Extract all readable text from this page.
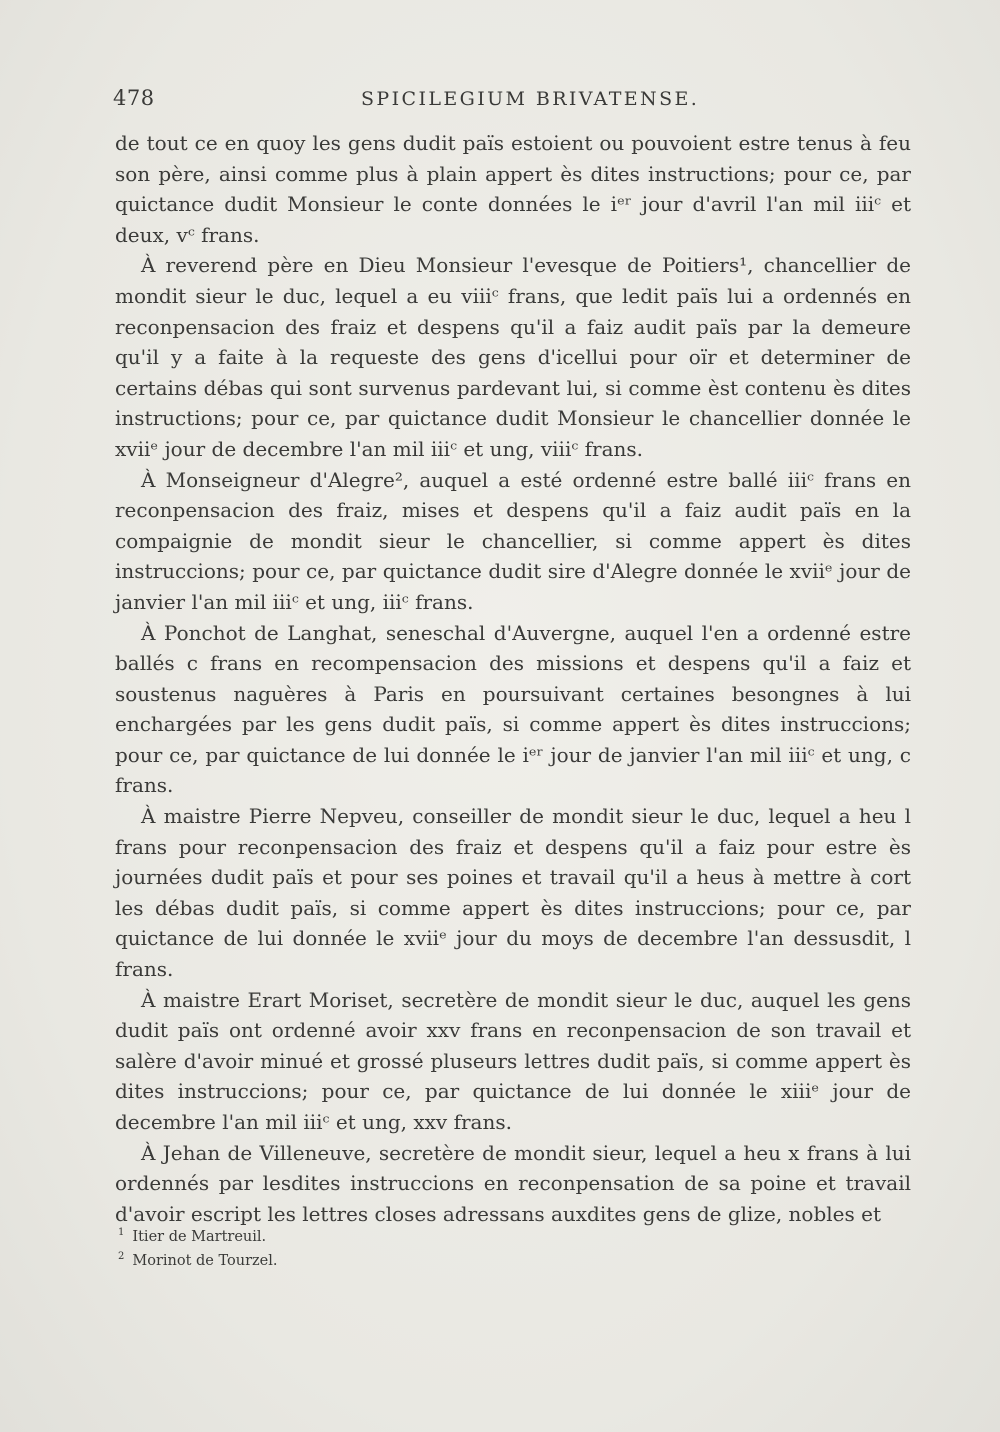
478	SPICILEGIUM BRIVATENSE.

de tout ce en quoy les gens dudit païs estoient ou pouvoient estre tenus à feu son père, ainsi comme plus à plain appert ès dites instructions; pour ce, par quictance dudit Monsieur le conte données le iᵉʳ jour d'avril l'an mil iiiᶜ et deux, vᶜ frans.

À reverend père en Dieu Monsieur l'evesque de Poitiers¹, chancellier de mondit sieur le duc, lequel a eu viiiᶜ frans, que ledit païs lui a ordennés en reconpensacion des fraiz et despens qu'il a faiz audit païs par la demeure qu'il y a faite à la requeste des gens d'icellui pour oïr et determiner de certains débas qui sont survenus pardevant lui, si comme ѐst contenu ès dites instructions; pour ce, par quictance dudit Monsieur le chancellier donnée le xviiᵉ jour de decembre l'an mil iiiᶜ et ung, viiiᶜ frans.

À Monseigneur d'Alegre², auquel a esté ordenné estre ballé iiiᶜ frans en reconpensacion des fraiz, mises et despens qu'il a faiz audit païs en la compaignie de mondit sieur le chancellier, si comme appert ès dites instruccions; pour ce, par quictance dudit sire d'Alegre donnée le xviiᵉ jour de janvier l'an mil iiiᶜ et ung, iiiᶜ frans.

À Ponchot de Langhat, seneschal d'Auvergne, auquel l'en a ordenné estre ballés c frans en recompensacion des missions et despens qu'il a faiz et soustenus naguères à Paris en poursuivant certaines besongnes à lui enchargées par les gens dudit païs, si comme appert ès dites instruccions; pour ce, par quictance de lui donnée le iᵉʳ jour de janvier l'an mil iiiᶜ et ung, c frans.

À maistre Pierre Nepveu, conseiller de mondit sieur le duc, lequel a heu l frans pour reconpensacion des fraiz et despens qu'il a faiz pour estre ès journées dudit païs et pour ses poines et travail qu'il a heus à mettre à cort les débas dudit païs, si comme appert ès dites instruccions; pour ce, par quictance de lui donnée le xviiᵉ jour du moys de decembre l'an dessusdit, l frans.

À maistre Erart Moriset, secretère de mondit sieur le duc, auquel les gens dudit païs ont ordenné avoir xxv frans en reconpensacion de son travail et salère d'avoir minué et grossé pluseurs lettres dudit païs, si comme appert ès dites instruccions; pour ce, par quictance de lui donnée le xiiiᵉ jour de decembre l'an mil iiiᶜ et ung, xxv frans.

À Jehan de Villeneuve, secretère de mondit sieur, lequel a heu x frans à lui ordennés par lesdites instruccions en reconpensation de sa poine et travail d'avoir escript les lettres closes adressans auxdites gens de glize, nobles et

$^1$ Itier de Martreuil.

$^2$ Morinot de Tourzel.
